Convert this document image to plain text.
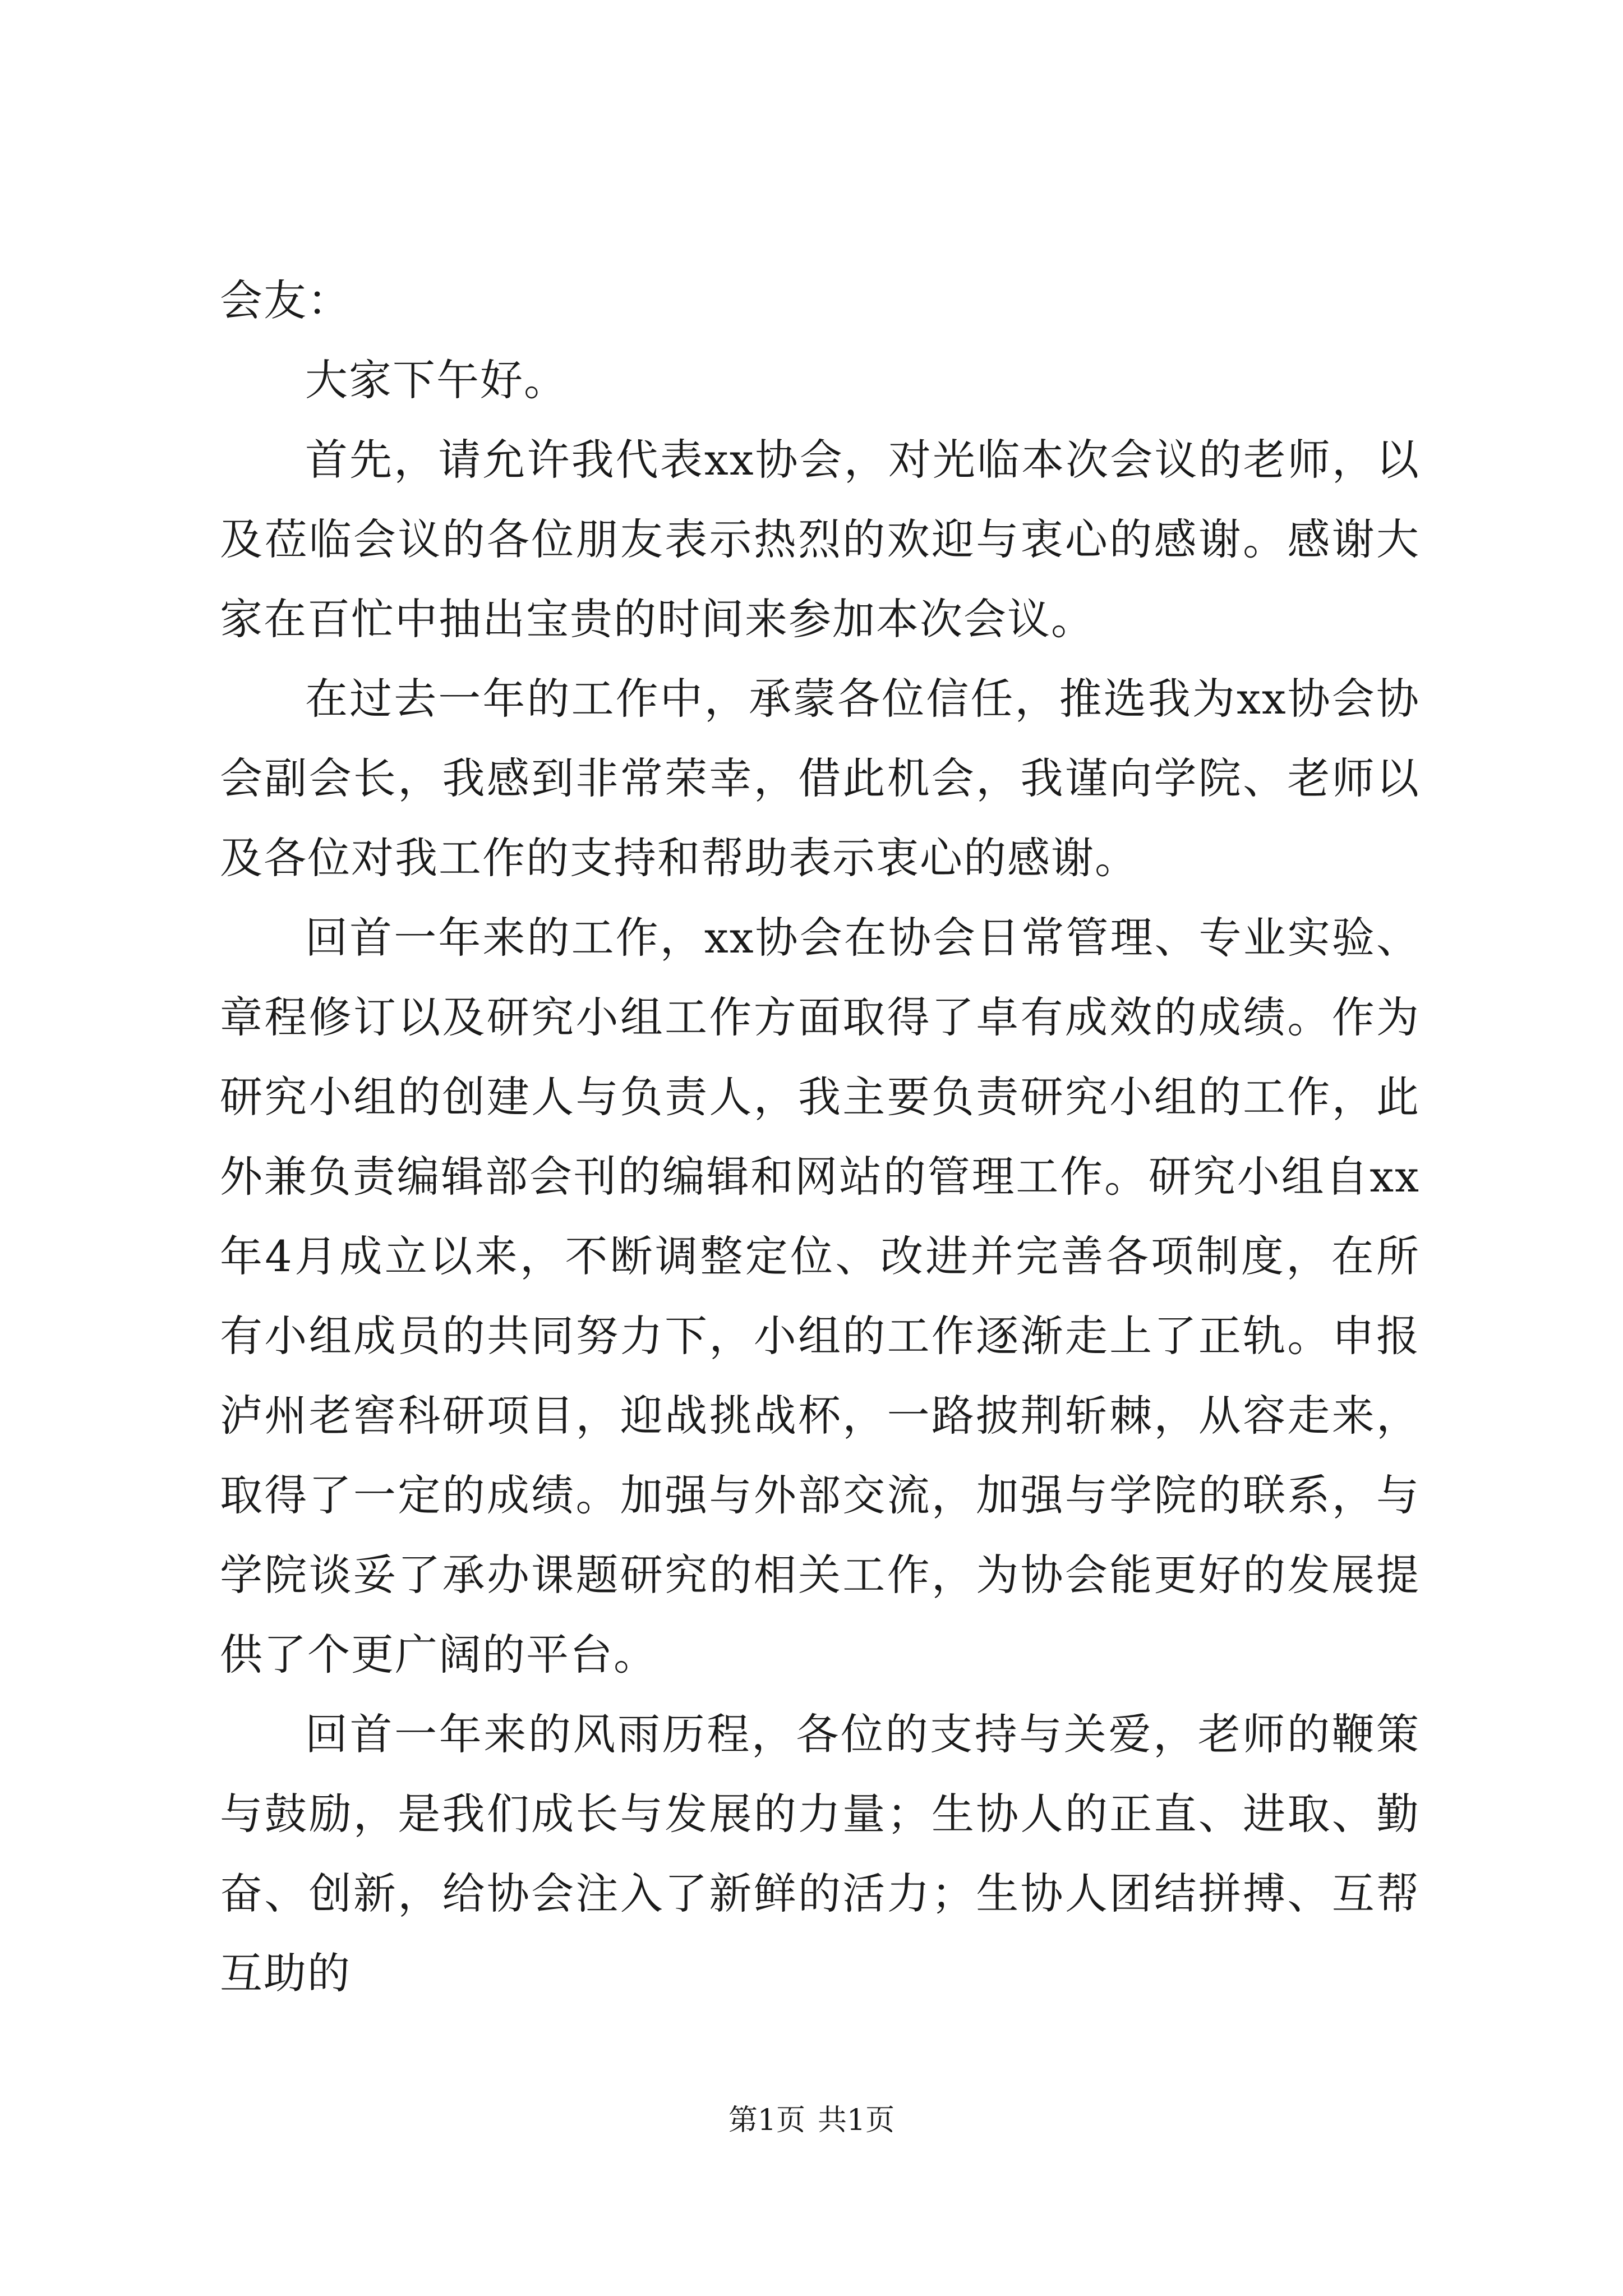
会友：

大家下午好。

首先，请允许我代表xx协会，对光临本次会议的老师，以及莅临会议的各位朋友表示热烈的欢迎与衷心的感谢。感谢大家在百忙中抽出宝贵的时间来参加本次会议。

在过去一年的工作中，承蒙各位信任，推选我为xx协会协会副会长，我感到非常荣幸，借此机会，我谨向学院、老师以及各位对我工作的支持和帮助表示衷心的感谢。

回首一年来的工作，xx协会在协会日常管理、专业实验、章程修订以及研究小组工作方面取得了卓有成效的成绩。作为研究小组的创建人与负责人，我主要负责研究小组的工作，此外兼负责编辑部会刊的编辑和网站的管理工作。研究小组自xx年4月成立以来，不断调整定位、改进并完善各项制度，在所有小组成员的共同努力下，小组的工作逐渐走上了正轨。申报泸州老窖科研项目，迎战挑战杯，一路披荆斩棘，从容走来，取得了一定的成绩。加强与外部交流，加强与学院的联系，与学院谈妥了承办课题研究的相关工作，为协会能更好的发展提供了个更广阔的平台。

回首一年来的风雨历程，各位的支持与关爱，老师的鞭策与鼓励，是我们成长与发展的力量；生协人的正直、进取、勤奋、创新，给协会注入了新鲜的活力；生协人团结拼搏、互帮互助的

第1页 共1页
